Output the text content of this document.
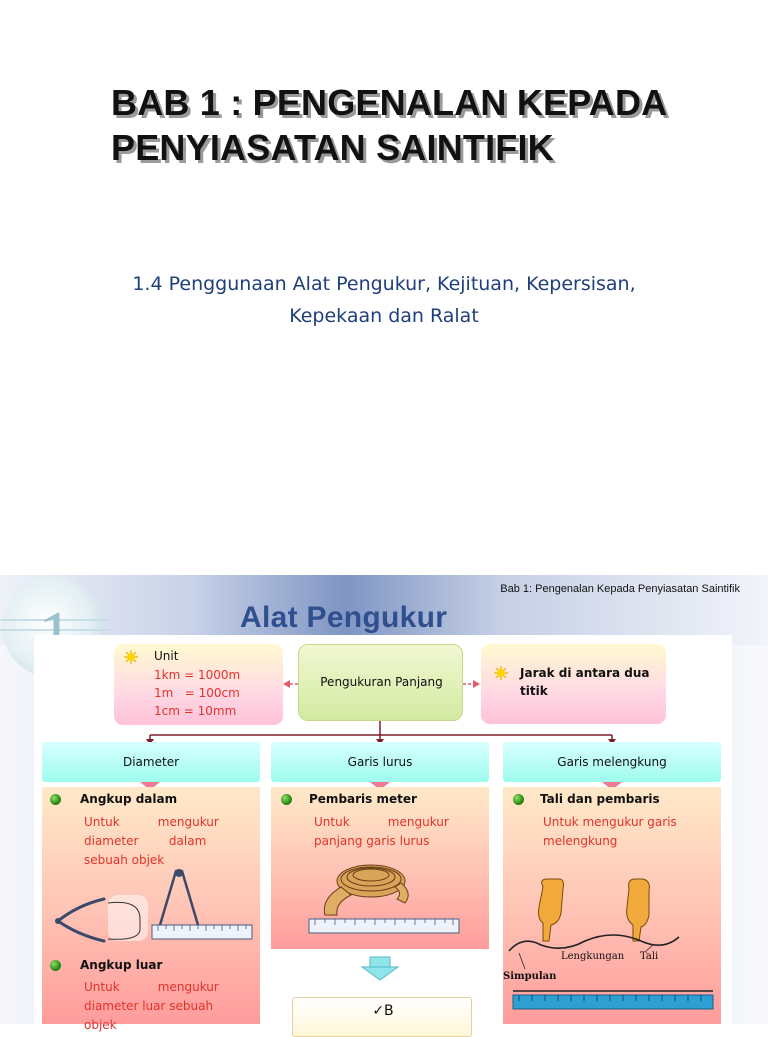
BAB 1 : PENGENALAN KEPADA
PENYIASATAN SAINTIFIK

1.4 Penggunaan Alat Pengukur, Kejituan, Kepersisan,
Kepekaan dan Ralat

Bab 1: Pengenalan Kepada Penyiasatan Saintifik
Alat Pengukur
Unit
1km = 1000m
1m   = 100cm
1cm = 10mm
Pengukuran Panjang
Jarak di antara dua
titik
Diameter	Garis lurus	Garis melengkung
Angkup dalam
Untuk          mengukur
diameter        dalam
sebuah objek
Angkup luar
Untuk          mengukur
diameter luar sebuah
objek
Pembaris meter
Untuk          mengukur
panjang garis lurus
✓B
Tali dan pembaris
Untuk mengukur garis
melengkung
Simpulan
Lengkungan Tali
